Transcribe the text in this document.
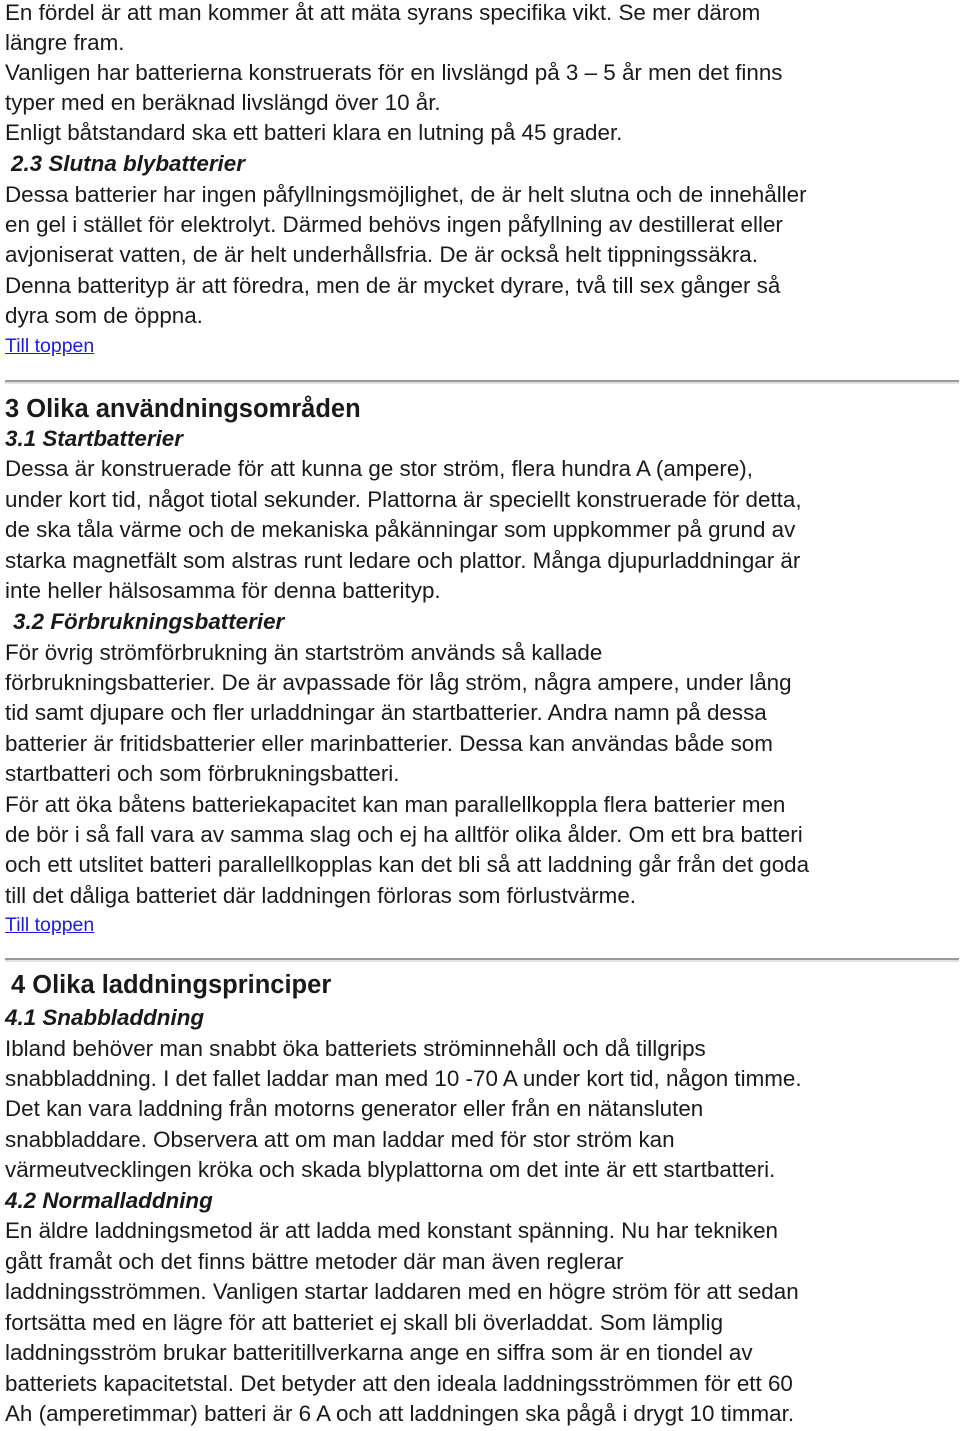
En fördel är att man kommer åt att mäta syrans specifika vikt. Se mer därom

längre fram.

Vanligen har batterierna konstruerats för en livslängd på 3 – 5 år men det finns

typer med en beräknad livslängd över 10 år.

Enligt båtstandard ska ett batteri klara en lutning på 45 grader.

2.3 Slutna blybatterier

Dessa batterier har ingen påfyllningsmöjlighet, de är helt slutna och de innehåller

en gel i stället för elektrolyt. Därmed behövs ingen påfyllning av destillerat eller

avjoniserat vatten, de är helt underhållsfria. De är också helt tippningssäkra.

Denna batterityp är att föredra, men de är mycket dyrare, två till sex gånger så

dyra som de öppna.

Till toppen

3 Olika användningsområden

3.1 Startbatterier

Dessa är konstruerade för att kunna ge stor ström, flera hundra A (ampere),

under kort tid, något tiotal sekunder. Plattorna är speciellt konstruerade för detta,

de ska tåla värme och de mekaniska påkänningar som uppkommer på grund av

starka magnetfält som alstras runt ledare och plattor. Många djupurladdningar är

inte heller hälsosamma för denna batterityp.

3.2 Förbrukningsbatterier

För övrig strömförbrukning än startström används så kallade

förbrukningsbatterier. De är avpassade för låg ström, några ampere, under lång

tid samt djupare och fler urladdningar än startbatterier. Andra namn på dessa

batterier är fritidsbatterier eller marinbatterier. Dessa kan användas både som

startbatteri och som förbrukningsbatteri.

För att öka båtens batteriekapacitet kan man parallellkoppla flera batterier men

de bör i så fall vara av samma slag och ej ha alltför olika ålder. Om ett bra batteri

och ett utslitet batteri parallellkopplas kan det bli så att laddning går från det goda

till det dåliga batteriet där laddningen förloras som förlustvärme.

Till toppen

4 Olika laddningsprinciper

4.1 Snabbladdning

Ibland behöver man snabbt öka batteriets ströminnehåll och då tillgrips

snabbladdning. I det fallet laddar man med 10 -70 A under kort tid, någon timme.

Det kan vara laddning från motorns generator eller från en nätansluten

snabbladdare. Observera att om man laddar med för stor ström kan

värmeutvecklingen kröka och skada blyplattorna om det inte är ett startbatteri.

4.2 Normalladdning

En äldre laddningsmetod är att ladda med konstant spänning. Nu har tekniken

gått framåt och det finns bättre metoder där man även reglerar

laddningsströmmen. Vanligen startar laddaren med en högre ström för att sedan

fortsätta med en lägre för att batteriet ej skall bli överladdat. Som lämplig

laddningsström brukar batteritillverkarna ange en siffra som är en tiondel av

batteriets kapacitetstal. Det betyder att den ideala laddningsströmmen för ett 60

Ah (amperetimmar) batteri är 6 A och att laddningen ska pågå i drygt 10 timmar.
